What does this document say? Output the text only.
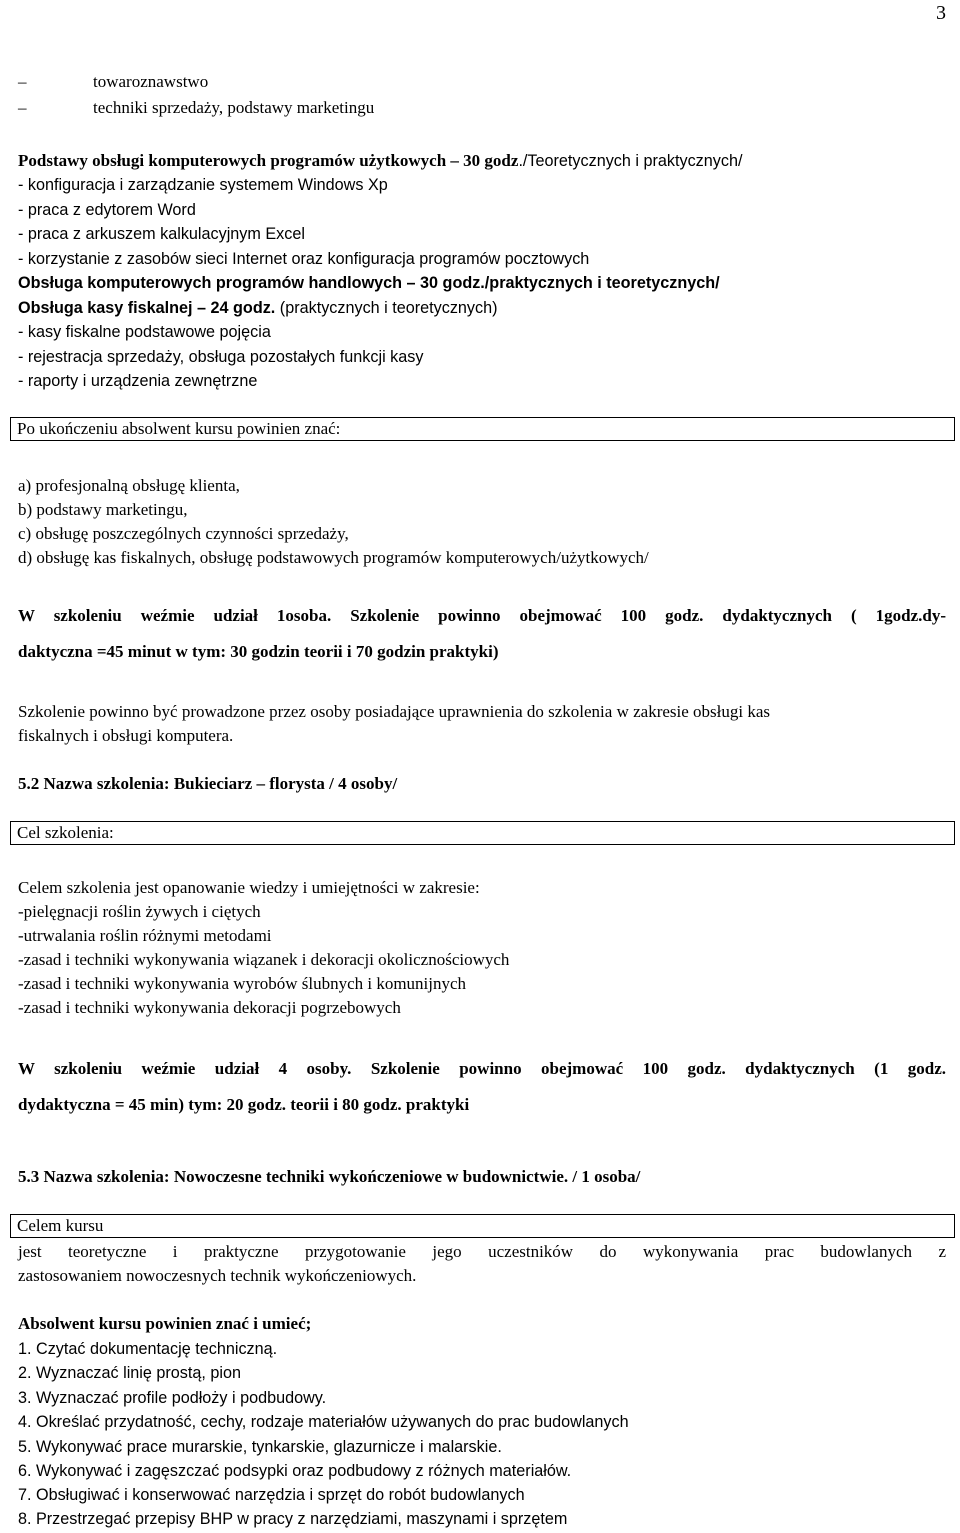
3
–	towaroznawstwo
–	techniki sprzedaży, podstawy marketingu
Podstawy obsługi komputerowych programów użytkowych – 30 godz./Teoretycznych i praktycznych/
- konfiguracja i zarządzanie systemem Windows Xp
- praca z edytorem Word
- praca z arkuszem kalkulacyjnym Excel
- korzystanie z zasobów sieci Internet oraz konfiguracja programów pocztowych
Obsługa komputerowych programów handlowych – 30 godz./praktycznych i teoretycznych/
Obsługa kasy fiskalnej – 24 godz. (praktycznych i teoretycznych)
- kasy fiskalne podstawowe pojęcia
- rejestracja sprzedaży, obsługa pozostałych funkcji kasy
- raporty i urządzenia zewnętrzne
Po ukończeniu absolwent kursu powinien znać:
a) profesjonalną obsługę klienta,
b) podstawy marketingu,
c) obsługę poszczególnych czynności sprzedaży,
d) obsługę kas fiskalnych, obsługę podstawowych programów komputerowych/użytkowych/
W szkoleniu weźmie udział 1osoba. Szkolenie powinno obejmować 100 godz. dydaktycznych ( 1godz.dy-
daktyczna =45 minut w tym: 30 godzin teorii i 70 godzin praktyki)
Szkolenie powinno być prowadzone przez osoby posiadające uprawnienia do szkolenia w zakresie obsługi kas
fiskalnych i obsługi komputera.
5.2 Nazwa szkolenia: Bukieciarz – florysta / 4 osoby/
Cel szkolenia:
Celem szkolenia jest opanowanie wiedzy i umiejętności w zakresie:
-pielęgnacji roślin żywych i ciętych
-utrwalania roślin różnymi metodami
-zasad i techniki wykonywania wiązanek i dekoracji okolicznościowych
-zasad i techniki wykonywania wyrobów ślubnych i komunijnych
-zasad i techniki wykonywania dekoracji pogrzebowych
W szkoleniu weźmie udział 4 osoby. Szkolenie powinno obejmować 100 godz. dydaktycznych (1 godz.
dydaktyczna = 45 min) tym: 20 godz. teorii i 80 godz. praktyki
5.3 Nazwa szkolenia: Nowoczesne techniki wykończeniowe w budownictwie. / 1 osoba/
Celem kursu
jest teoretyczne i praktyczne przygotowanie jego uczestników do wykonywania prac budowlanych z
zastosowaniem nowoczesnych technik wykończeniowych.
Absolwent kursu powinien znać i umieć;
1. Czytać dokumentację techniczną.
2. Wyznaczać linię prostą, pion
3. Wyznaczać profile podłoży i podbudowy.
4. Określać przydatność, cechy, rodzaje materiałów używanych do prac budowlanych
5. Wykonywać prace murarskie, tynkarskie, glazurnicze i malarskie.
6. Wykonywać i zagęszczać podsypki oraz podbudowy z różnych materiałów.
7. Obsługiwać i konserwować narzędzia i sprzęt do robót budowlanych
8. Przestrzegać przepisy BHP w pracy z narzędziami, maszynami i sprzętem
